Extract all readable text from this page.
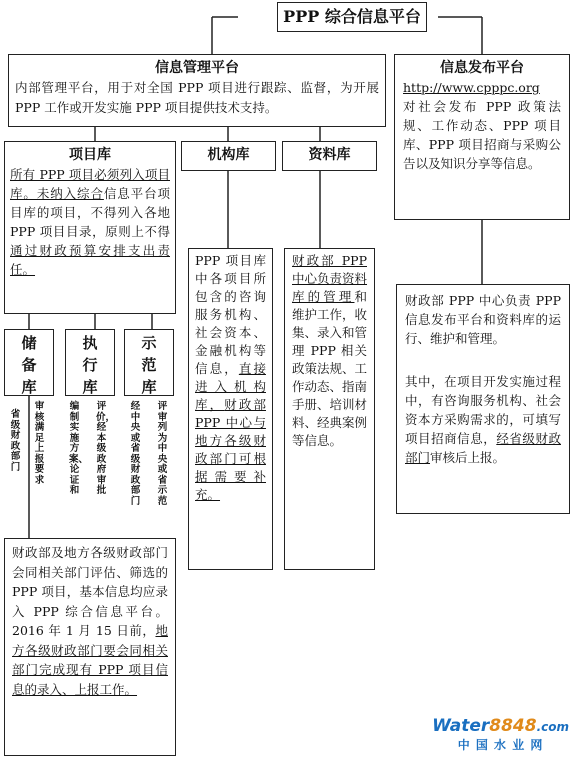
PPP 综合信息平台
信息管理平台
内部管理平台，用于对全国 PPP 项目进行跟踪、监督，为开展 PPP 工作或开发实施 PPP 项目提供技术支持。
信息发布平台
http://www.cpppc.org
对社会发布 PPP 政策法规、工作动态、PPP 项目库、PPP 项目招商与采购公告以及知识分享等信息。
项目库
所有 PPP 项目必须列入项目库。未纳入综合信息平台项目库的项目，不得列入各地 PPP 项目目录，原则上不得通过财政预算安排支出责任。
机构库	资料库
PPP 项目库中各项目所包含的咨询服务机构、社会资本、金融机构等信息，直接进入机构库，财政部 PPP 中心与地方各级财政部门可根据需要补充。
财政部 PPP 中心负责资料库的管理和维护工作，收集、录入和管理 PPP 相关政策法规、工作动态、指南手册、培训材料、经典案例等信息。
财政部 PPP 中心负责 PPP 信息发布平台和资料库的运行、维护和管理。
其中，在项目开发实施过程中，有咨询服务机构、社会资本方采购需求的，可填写项目招商信息，经省级财政部门审核后上报。
储备库
执行库
示范库
省级财政部门
审核满足上报要求
编制实施方案、论证和
评价，经本级政府审批
经中央或省级财政部门
评审列为中央或省示范
财政部及地方各级财政部门会同相关部门评估、筛选的 PPP 项目，基本信息均应录入 PPP 综合信息平台。2016 年 1 月 15 日前，地方各级财政部门要会同相关部门完成现有 PPP 项目信息的录入、上报工作。
Water8848.com
中 国 水 业 网
